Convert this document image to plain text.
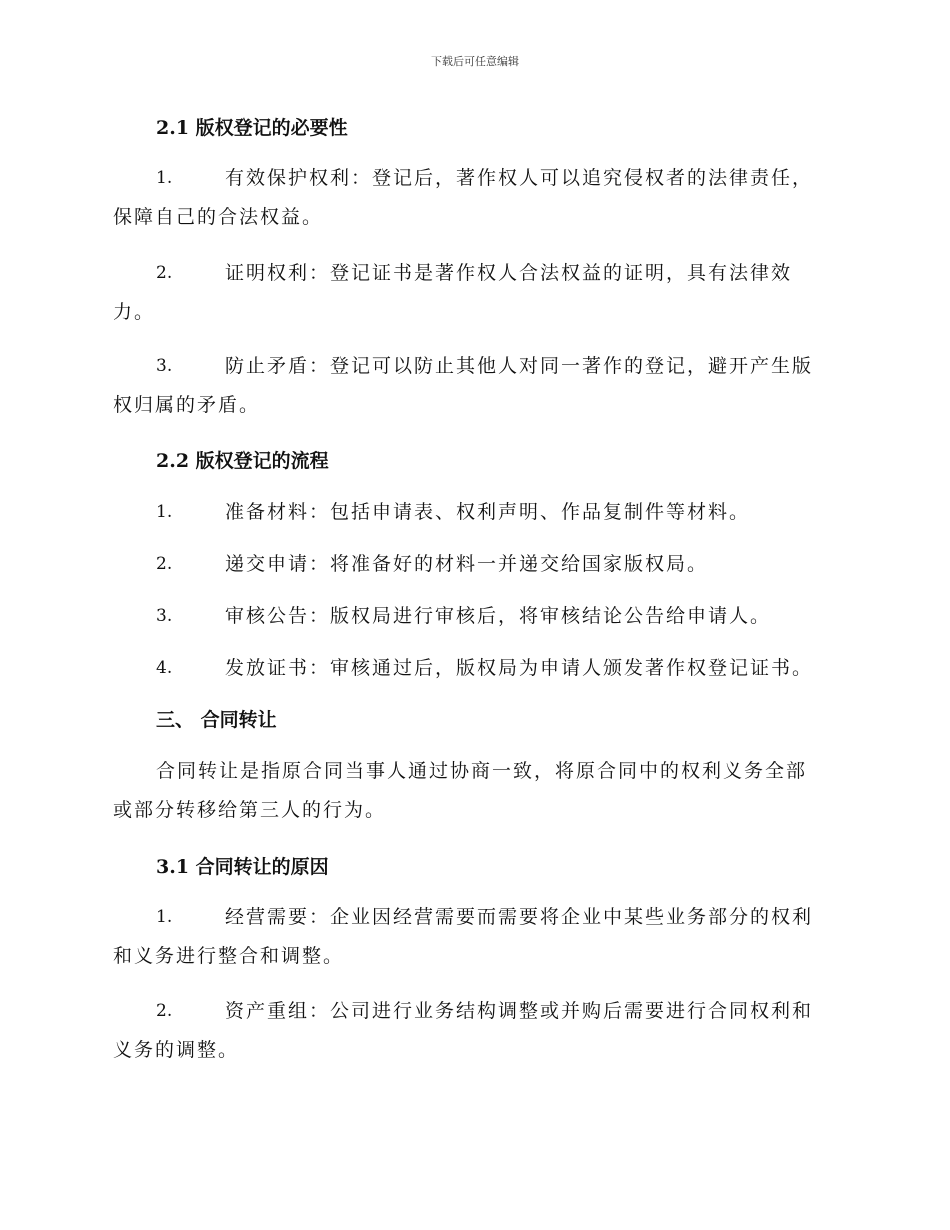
下载后可任意编辑
2.1 版权登记的必要性
1.	有效保护权利：登记后，著作权人可以追究侵权者的法律责任，
保障自己的合法权益。
2.	证明权利：登记证书是著作权人合法权益的证明，具有法律效
力。
3.	防止矛盾：登记可以防止其他人对同一著作的登记，避开产生版
权归属的矛盾。
2.2 版权登记的流程
1.	准备材料：包括申请表、权利声明、作品复制件等材料。
2.	递交申请：将准备好的材料一并递交给国家版权局。
3.	审核公告：版权局进行审核后，将审核结论公告给申请人。
4.	发放证书：审核通过后，版权局为申请人颁发著作权登记证书。
三、 合同转让
合同转让是指原合同当事人通过协商一致，将原合同中的权利义务全部
或部分转移给第三人的行为。
3.1 合同转让的原因
1.	经营需要：企业因经营需要而需要将企业中某些业务部分的权利
和义务进行整合和调整。
2.	资产重组：公司进行业务结构调整或并购后需要进行合同权利和
义务的调整。
